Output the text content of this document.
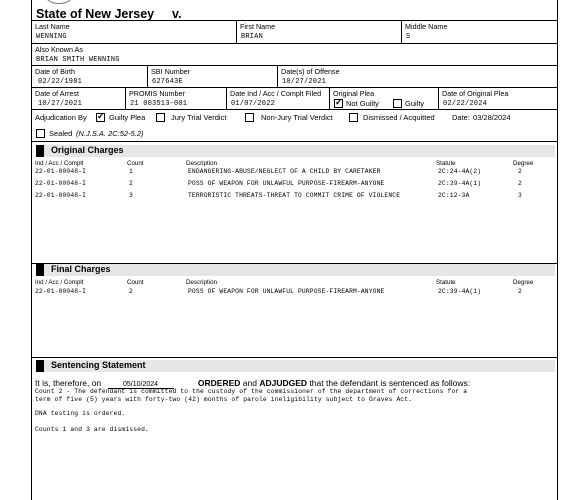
State of New Jersey v.
Last Name
WENNING
First Name
BRIAN
Middle Name
S
Also Known As
BRIAN SMITH WENNING
Date of Birth
02/22/1981
SBI Number
627643E
Date(s) of Offense
10/27/2021
Date of Arrest
10/27/2021
PROMIS Number
21 003513-001
Date Ind / Acc / Complt Filed
01/07/2022
Original Plea
✓
Not Guilty	Guilty
Date of Original Plea
02/22/2024
Adjudication By
✓	Guilty Plea	Jury Trial Verdict	Non-Jury Trial Verdict	Dismissed / Acquitted Date: 03/28/2024
Sealed (N.J.S.A. 2C:52-5.2)
Original Charges
Ind / Acc / Complt	Count	Description	Statute	Degree
22-01-00048-I	1	ENDANGERING-ABUSE/NEGLECT OF A CHILD BY CARETAKER	2C:24-4A(2)	2
22-01-00048-I	2	POSS OF WEAPON FOR UNLAWFUL PURPOSE-FIREARM-ANYONE	2C:39-4A(1)	2
22-01-00048-I	3	TERRORISTIC THREATS-THREAT TO COMMIT CRIME OF VIOLENCE	2C:12-3A	3
Final Charges
Ind / Acc / Complt	Count	Description	Statute	Degree
22-01-00048-I	2	POSS OF WEAPON FOR UNLAWFUL PURPOSE-FIREARM-ANYONE	2C:39-4A(1)	2
Sentencing Statement
It is, therefore, on	05/10/2024	ORDERED and ADJUDGED that the defendant is sentenced as follows:
Count 2 - The defendant is committed to the custody of the commissioner of the department of corrections for a
term of five (5) years with forty-two (42) months of parole ineligibility subject to Graves Act.
DNA testing is ordered.
Counts 1 and 3 are dismissed.
